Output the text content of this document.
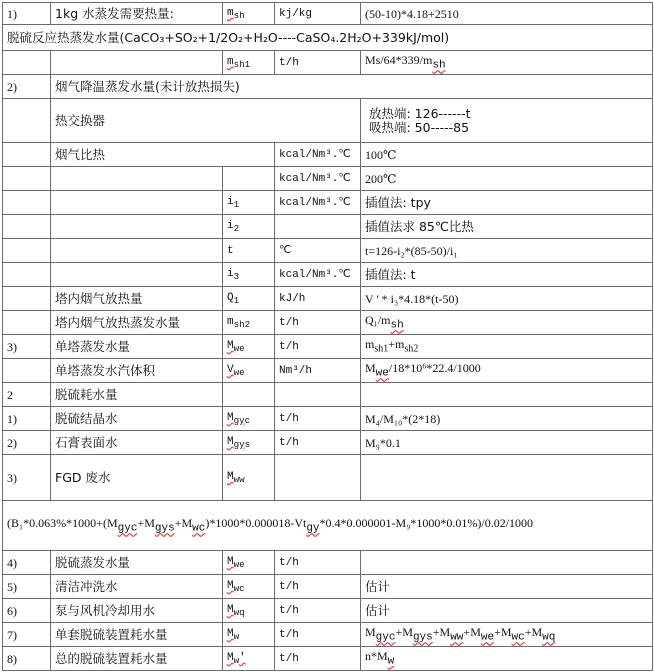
1)	1kg 水蒸发需要热量:	$m_{sh}$	kj/kg	(50-10)*4.18+2510
脱硫反应热蒸发水量(CaCO₃+SO₂+1/2O₂+H₂O----CaSO₄.2H₂O+339kJ/mol)				
		$m_{sh1}$	t/h	$Ms/64*339/m_{sh}$
2)	烟气降温蒸发水量(未计放热损失)			
	热交换器			放热端: 126------t
吸热端: 50-----85

	烟气比热		kcal/Nm³.℃	100℃
			kcal/Nm³.℃	200℃
		$i_1$	kcal/Nm³.℃	插值法: tpy
		$i_2$		插值法求 85℃比热
		t	℃	t=126-i₂*(85-50)/i₁
		$i_3$	kcal/Nm³.℃	插值法: t
	塔内烟气放热量	$Q_1$	kJ/h	V ' * i₃*4.18*(t-50)
	塔内烟气放热蒸发水量	$m_{sh2}$	t/h	$Q_1/m_{sh}$
3)	单塔蒸发水量	$M_{we}$	t/h	$m_{sh1}+m_{sh2}$
	单塔蒸发水汽体积	$V_{we}$	Nm³/h	$M_{we}/18*10^6*22.4/1000$
2	脱硫耗水量			
1)	脱硫结晶水	$M_{gyc}$	t/h	M₄/M₁₀*(2*18)
2)	石膏表面水	$M_{gys}$	t/h	M₉*0.1
3)	FGD 废水	$M_{ww}$		
$(B_1*0.063\%*1000+(M_{gyc}+M_{gys}+M_{wc})*1000*0.000018-Vt_{gy}*0.4*0.000001-M_9*1000*0.01\%)/0.02/1000$				
4)	脱硫蒸发水量	$M_{we}$	t/h	
5)	清洁冲洗水	$M_{wc}$	t/h	估计
6)	泵与风机冷却用水	$M_{wq}$	t/h	估计
7)	单套脱硫装置耗水量	$M_w$	t/h	$M_{gyc}+M_{gys}+M_{ww}+M_{we}+M_{wc}+M_{wq}$
8)	总的脱硫装置耗水量	$M_w'$	t/h	$n*M_w$
